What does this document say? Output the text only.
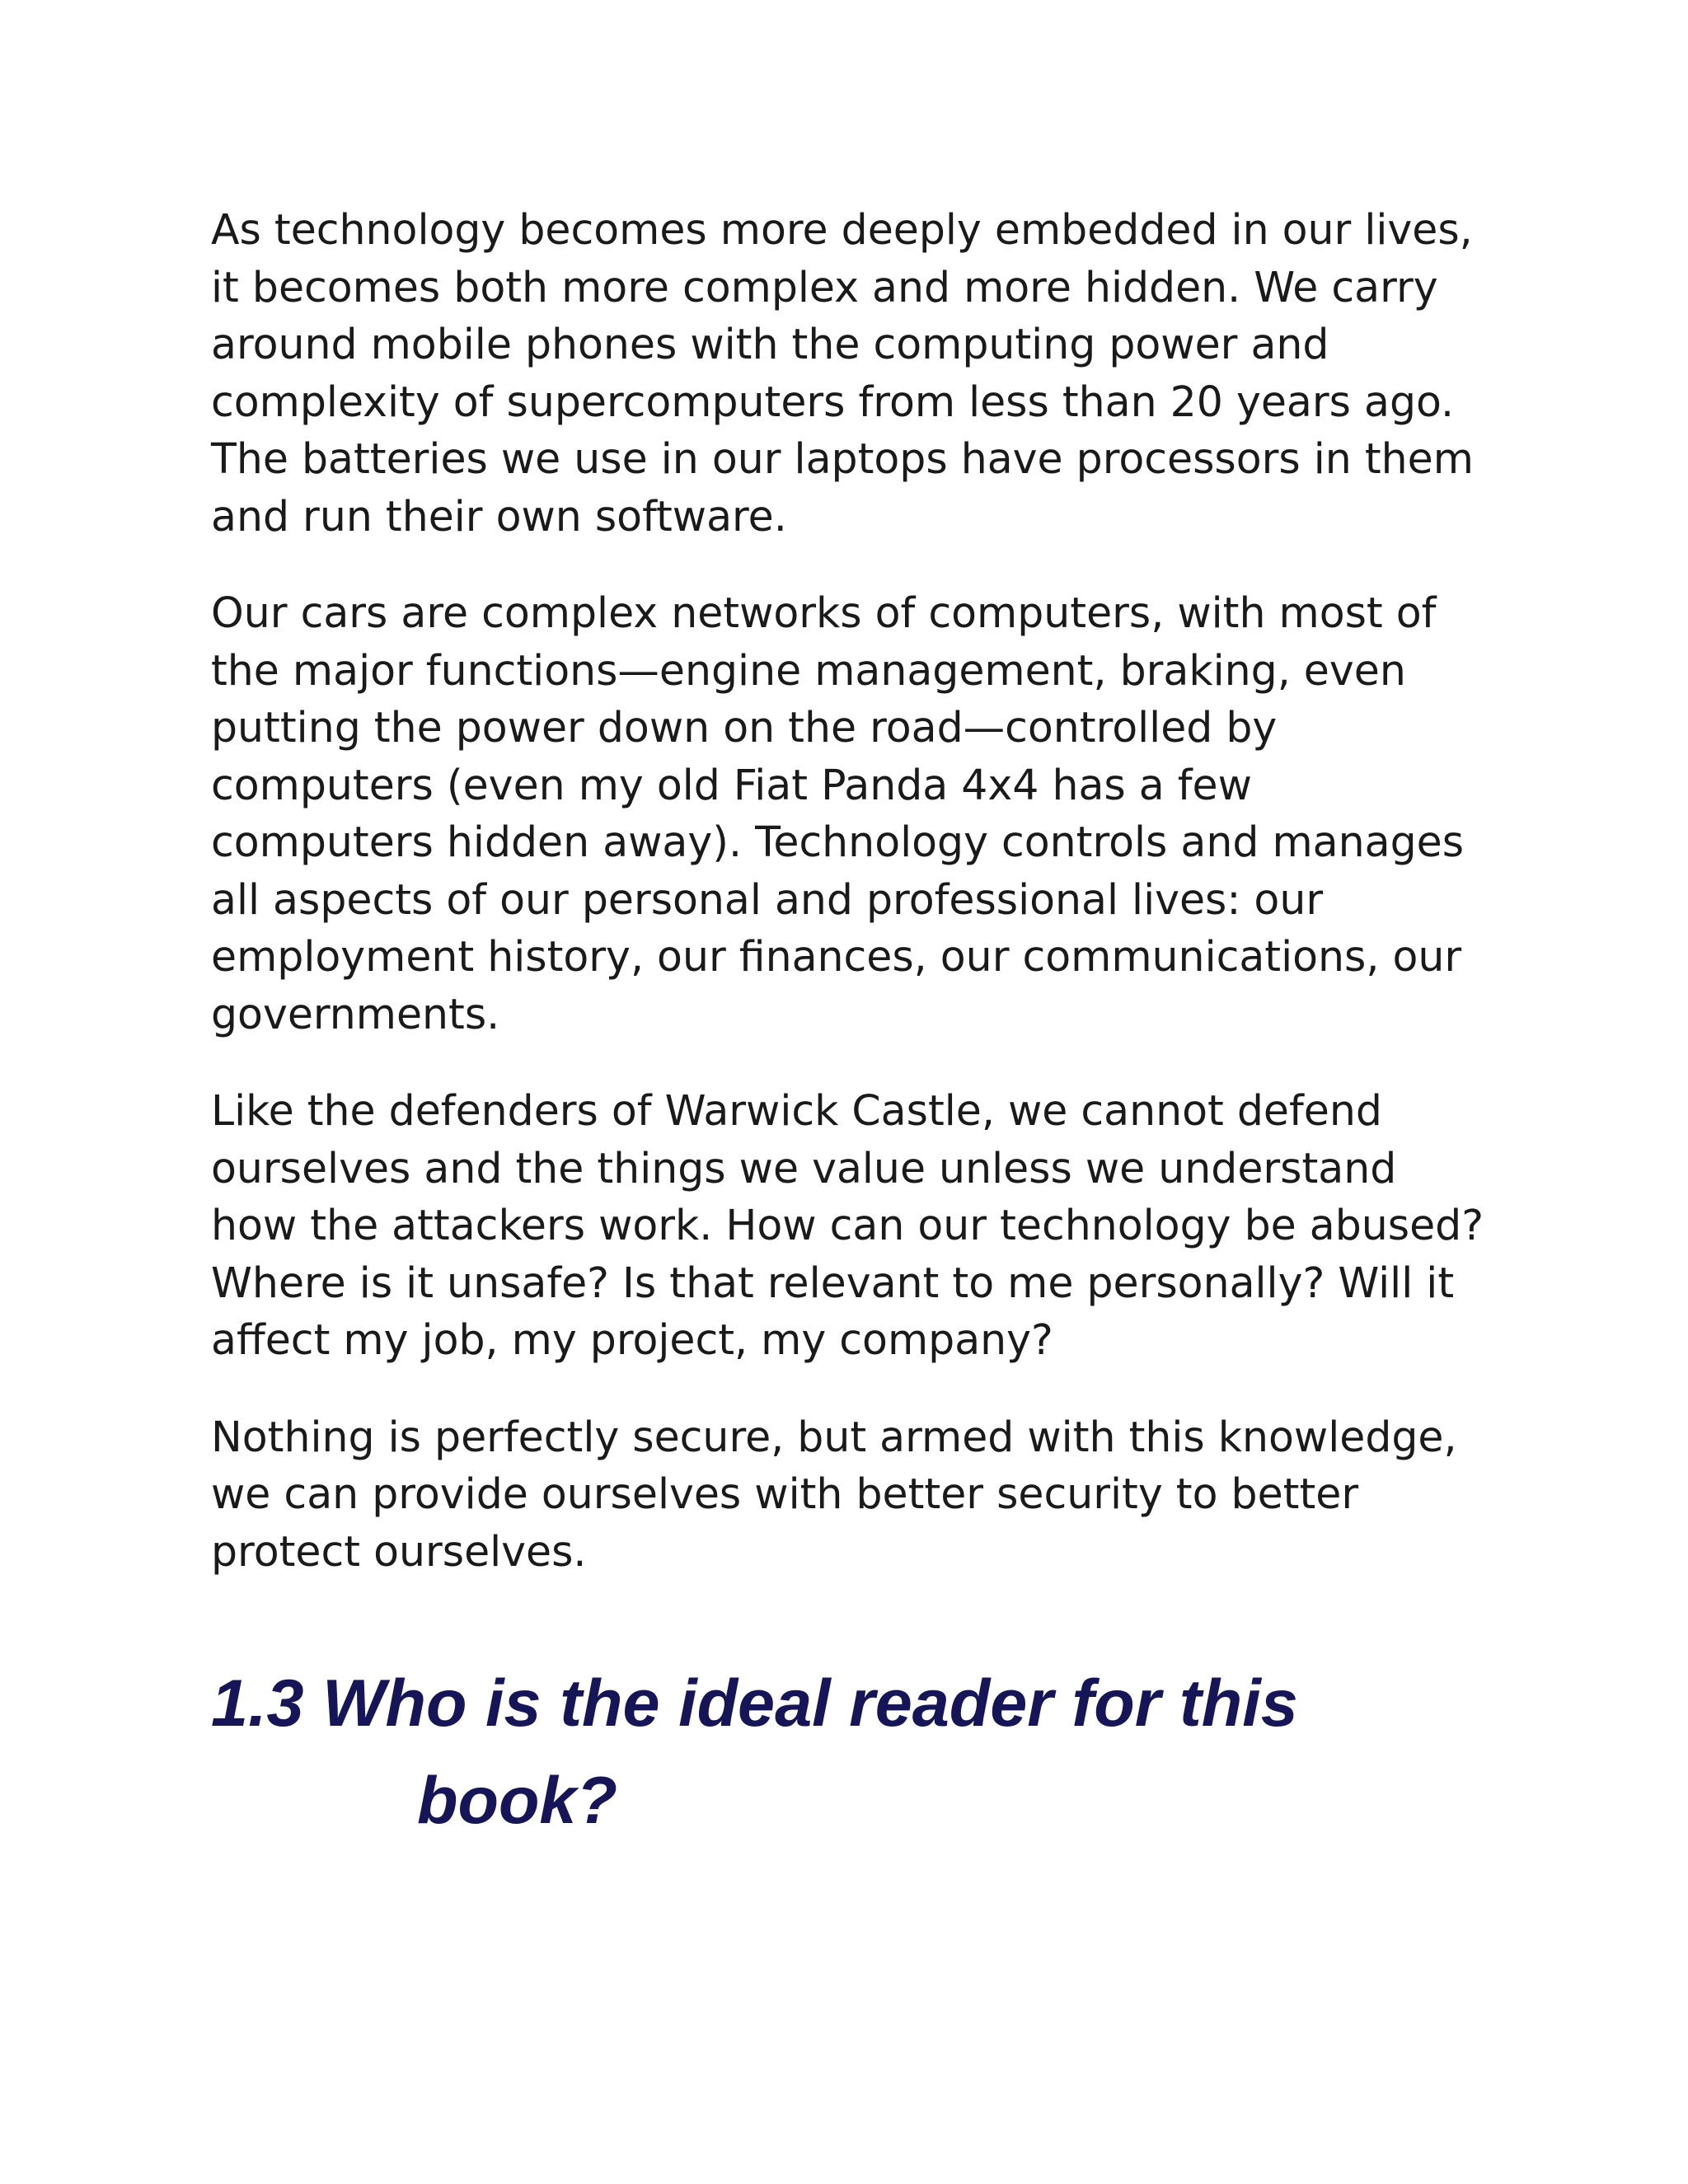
As technology becomes more deeply embedded in our lives,
it becomes both more complex and more hidden. We carry
around mobile phones with the computing power and
complexity of supercomputers from less than 20 years ago.
The batteries we use in our laptops have processors in them
and run their own software.

Our cars are complex networks of computers, with most of
the major functions—engine management, braking, even
putting the power down on the road—controlled by
computers (even my old Fiat Panda 4x4 has a few
computers hidden away). Technology controls and manages
all aspects of our personal and professional lives: our
employment history, our finances, our communications, our
governments.

Like the defenders of Warwick Castle, we cannot defend
ourselves and the things we value unless we understand
how the attackers work. How can our technology be abused?
Where is it unsafe? Is that relevant to me personally? Will it
affect my job, my project, my company?

Nothing is perfectly secure, but armed with this knowledge,
we can provide ourselves with better security to better
protect ourselves.

1.3 Who is the ideal reader for this
book?
